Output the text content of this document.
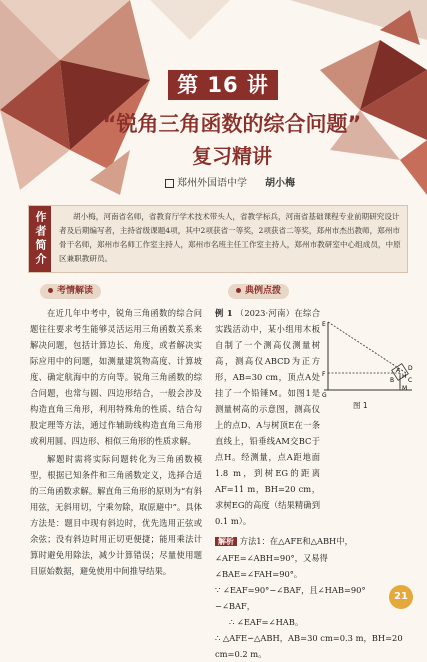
第 16 讲
“锐角三角函数的综合问题”
复习精讲
郑州外国语中学 胡小梅
作者简介	胡小梅，河南省名师，省教育厅学术技术带头人，省教学标兵，河南省基础课程专业前期研究设计者及后期编写者，主持省级课题4项，其中2项获省一等奖，2项获省二等奖，郑州市杰出教师，郑州市骨干名师，郑州市名师工作室主持人，郑州市名班主任工作室主持人，郑州市教研室中心组成员，中原区兼职教研员。
考情解读	典例点拨

在近几年中考中，锐角三角函数的综合问题往往要求考生能够灵活运用三角函数关系来解决问题，包括计算边长、角度，或者解决实际应用中的问题，如测量建筑物高度、计算坡度、确定航海中的方向等。锐角三角函数的综合问题，也常与圆、四边形结合，一般会涉及构造直角三角形，利用特殊角的性质、结合勾股定理等方法，通过作辅助线构造直角三角形或利用圆、四边形、相似三角形的性质求解。

解题时需将实际问题转化为三角函数模型，根据已知条件和三角函数定义，选择合适的三角函数求解。解直角三角形的原则为“有斜用弦，无斜用切，宁乘勿除，取原避中”。具体方法是：题目中现有斜边时，优先选用正弦或余弦；没有斜边时用正切更便捷；能用乘法计算时避免用除法，减少计算错误；尽量使用题目原始数据，避免使用中间推导结果。

例 1 （2023·河南）在综合实践活动中，某小组用木板自制了一个测高仪测量树高，测高仪ABCD为正方形，AB=30 cm，顶点A处挂了一个铅锤M。如图1是测量树高的示意图，测高仪上的点D、A与树顶E在一条直线上，铅垂线AM交BC于点H。经测量，点A距地面1.8 m，到树EG的距离AF=11 m，BH=20 cm，求树EG的高度（结果精确到0.1 m）。

解析 方法1：在△AFE和△ABH中，∠AFE=∠ABH=90°，又易得∠BAE=∠FAH=90°。

∵ ∠EAF=90°−∠BAF，且∠HAB=90°−∠BAF，

∴ ∠EAF=∠HAB。

∴ △AFE∽△ABH，AB=30 cm=0.3 m，BH=20 cm=0.2 m。

E
D
A
F
G
B C
H
M
图 1
21
